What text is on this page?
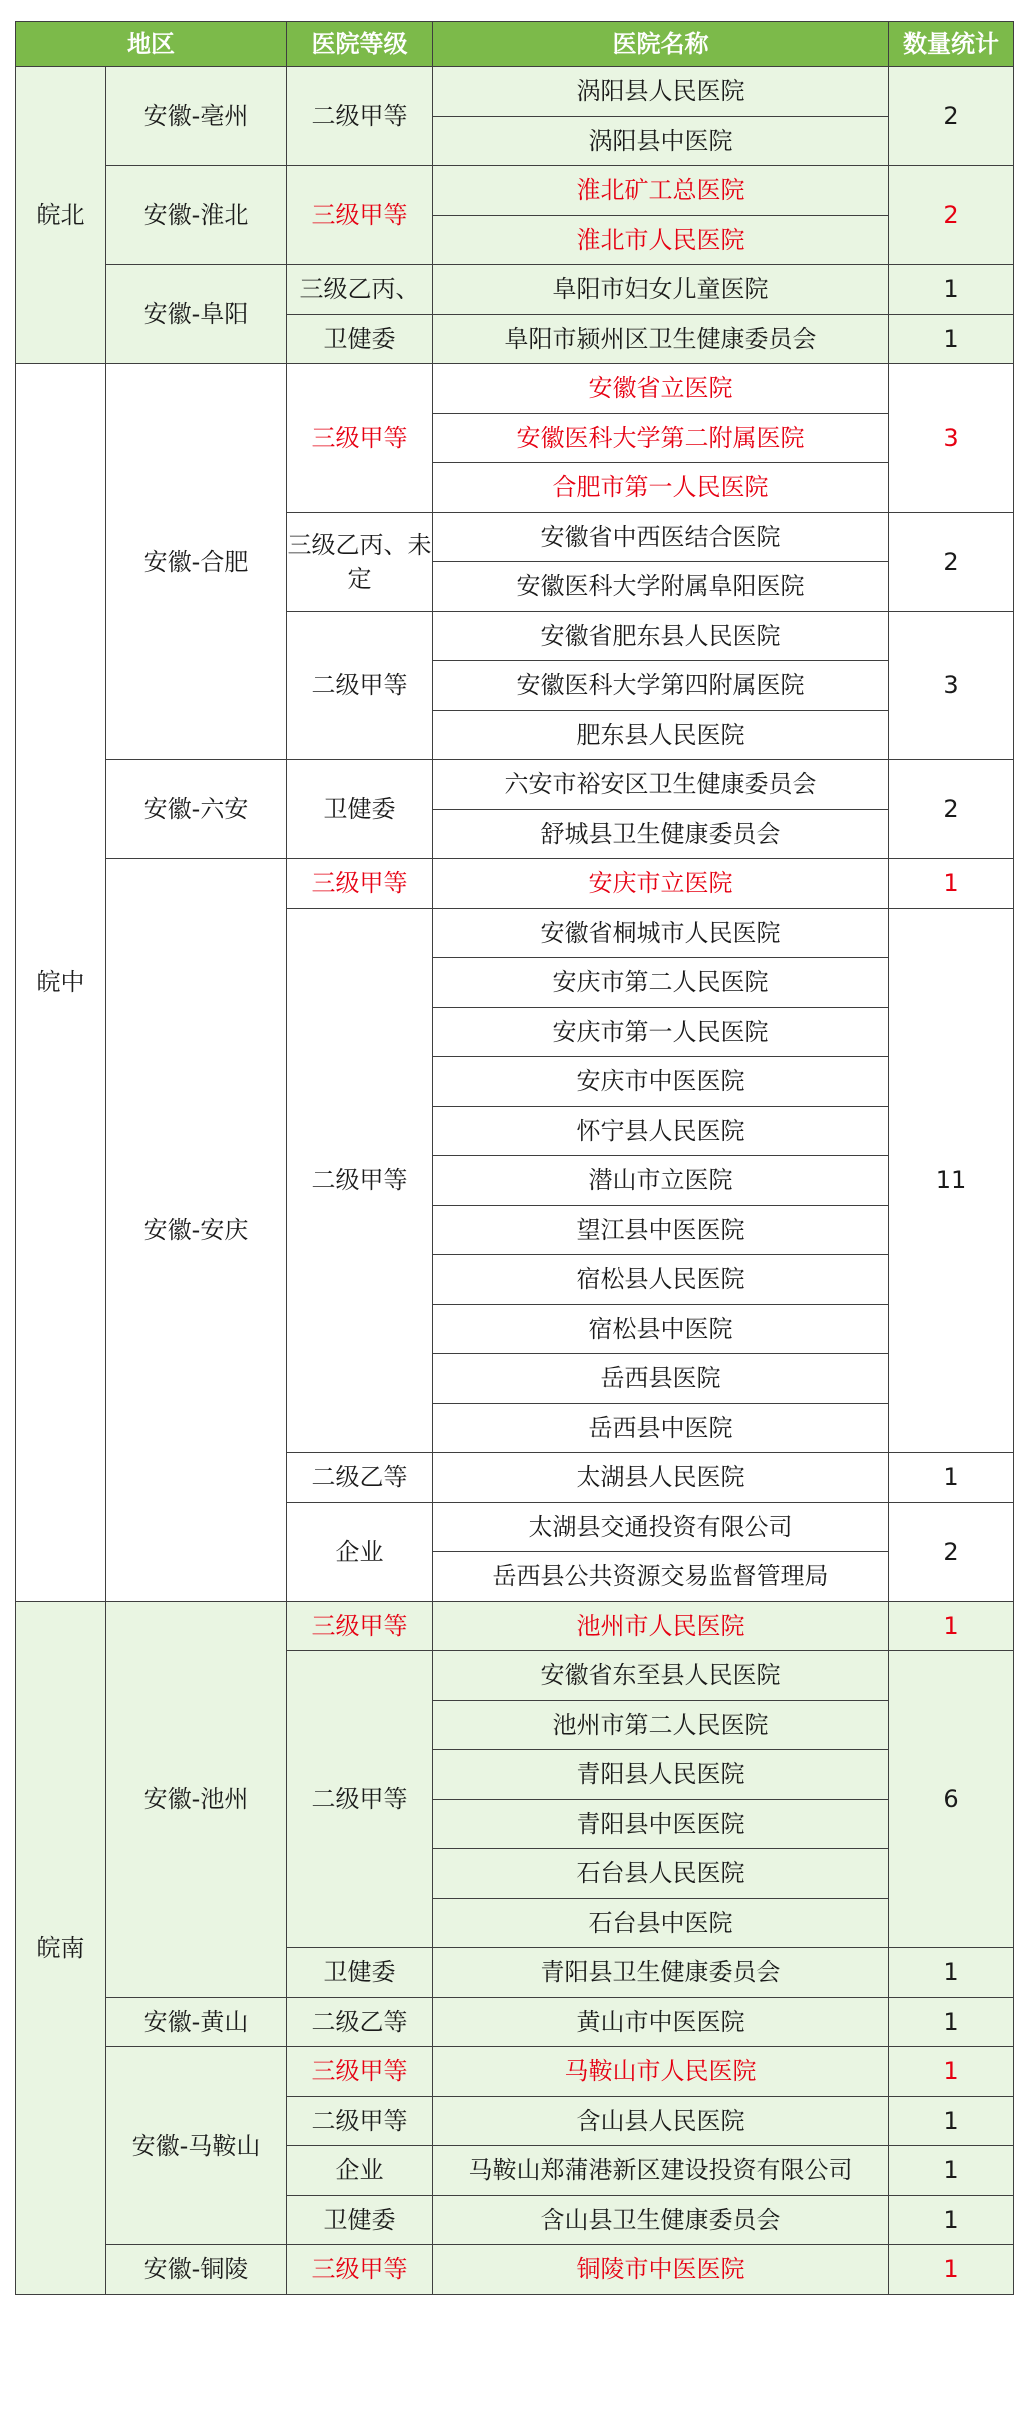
地区		医院等级	医院名称	数量统计
皖北	安徽-亳州	二级甲等	涡阳县人民医院	2
			涡阳县中医院	
	安徽-淮北	三级甲等	淮北矿工总医院	2
			淮北市人民医院	
	安徽-阜阳	三级乙丙、	阜阳市妇女儿童医院	1
		卫健委	阜阳市颍州区卫生健康委员会	1
皖中	安徽-合肥	三级甲等	安徽省立医院	3
			安徽医科大学第二附属医院	
			合肥市第一人民医院	
		三级乙丙、未定	安徽省中西医结合医院	2
			安徽医科大学附属阜阳医院	
		二级甲等	安徽省肥东县人民医院	3
			安徽医科大学第四附属医院	
			肥东县人民医院	
	安徽-六安	卫健委	六安市裕安区卫生健康委员会	2
			舒城县卫生健康委员会	
	安徽-安庆	三级甲等	安庆市立医院	1
		二级甲等	安徽省桐城市人民医院	11
			安庆市第二人民医院	
			安庆市第一人民医院	
			安庆市中医医院	
			怀宁县人民医院	
			潜山市立医院	
			望江县中医医院	
			宿松县人民医院	
			宿松县中医院	
			岳西县医院	
			岳西县中医院	
		二级乙等	太湖县人民医院	1
		企业	太湖县交通投资有限公司	2
			岳西县公共资源交易监督管理局	
皖南	安徽-池州	三级甲等	池州市人民医院	1
		二级甲等	安徽省东至县人民医院	6
			池州市第二人民医院	
			青阳县人民医院	
			青阳县中医医院	
			石台县人民医院	
			石台县中医院	
		卫健委	青阳县卫生健康委员会	1
	安徽-黄山	二级乙等	黄山市中医医院	1
	安徽-马鞍山	三级甲等	马鞍山市人民医院	1
		二级甲等	含山县人民医院	1
		企业	马鞍山郑蒲港新区建设投资有限公司	1
		卫健委	含山县卫生健康委员会	1
	安徽-铜陵	三级甲等	铜陵市中医医院	1
